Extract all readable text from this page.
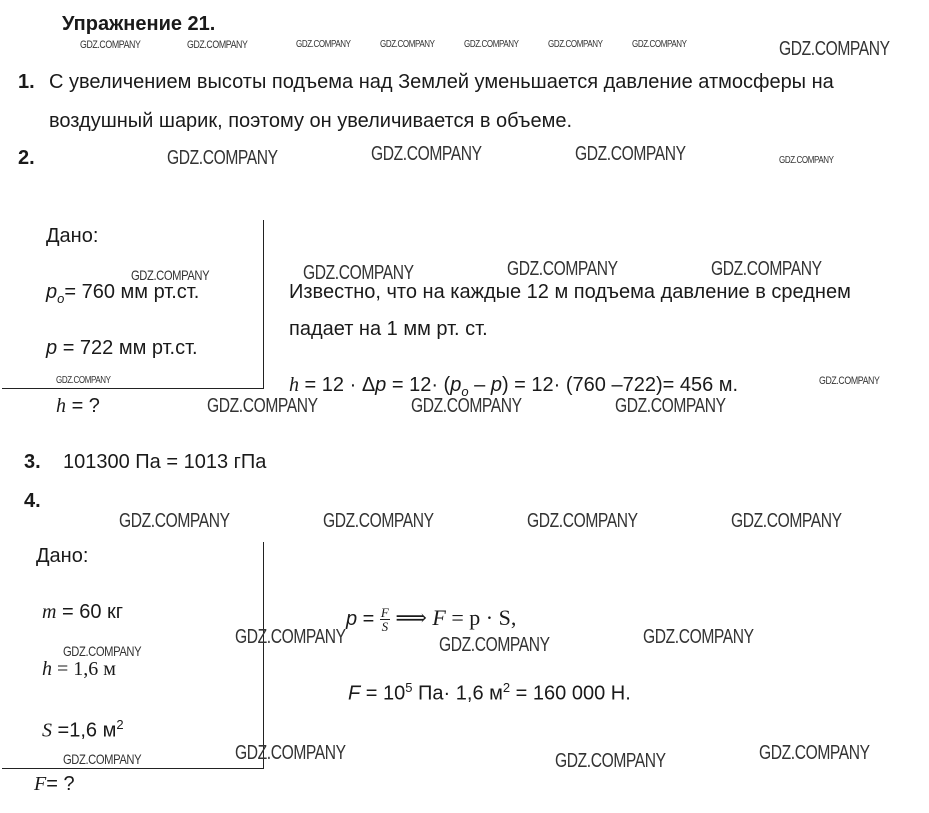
Упражнение 21.
1. С увеличением высоты подъема над Землей уменьшается давление атмосферы на
воздушный шарик, поэтому он увеличивается в объеме.
2.
Дано:
$p_o= 760$ мм рт.ст.
p = 722 мм рт.ст.
h = ?
Известно, что на каждые 12 м подъема давление в среднем
падает на 1 мм рт. ст.
$h = 12 \cdot \Delta p = 12\cdot (p_o - p) = 12\cdot (760$ –722)= 456 м.
3. 101300 Па = 1013 гПа
4.
Дано:
m = 60 кг
h = 1,6 м
S =1,6 $м^2$
F= ?
$p = \frac{F}{S}$ ⟹ F = p · S,
$F = 10^5$ Па· 1,6 $м^2 = 160$ 000 Н.
GDZ.COMPANY	GDZ.COMPANY	GDZ.COMPANY	GDZ.COMPANY	GDZ.COMPANY	GDZ.COMPANY	GDZ.COMPANY	GDZ.COMPANY
GDZ.COMPANY	GDZ.COMPANY	GDZ.COMPANY	GDZ.COMPANY
GDZ.COMPANY	GDZ.COMPANY	GDZ.COMPANY	GDZ.COMPANY
GDZ.COMPANY	GDZ.COMPANY
GDZ.COMPANY	GDZ.COMPANY	GDZ.COMPANY
GDZ.COMPANY	GDZ.COMPANY	GDZ.COMPANY	GDZ.COMPANY
GDZ.COMPANY	GDZ.COMPANY	GDZ.COMPANY
GDZ.COMPANY
GDZ.COMPANY	GDZ.COMPANY	GDZ.COMPANY
GDZ.COMPANY
